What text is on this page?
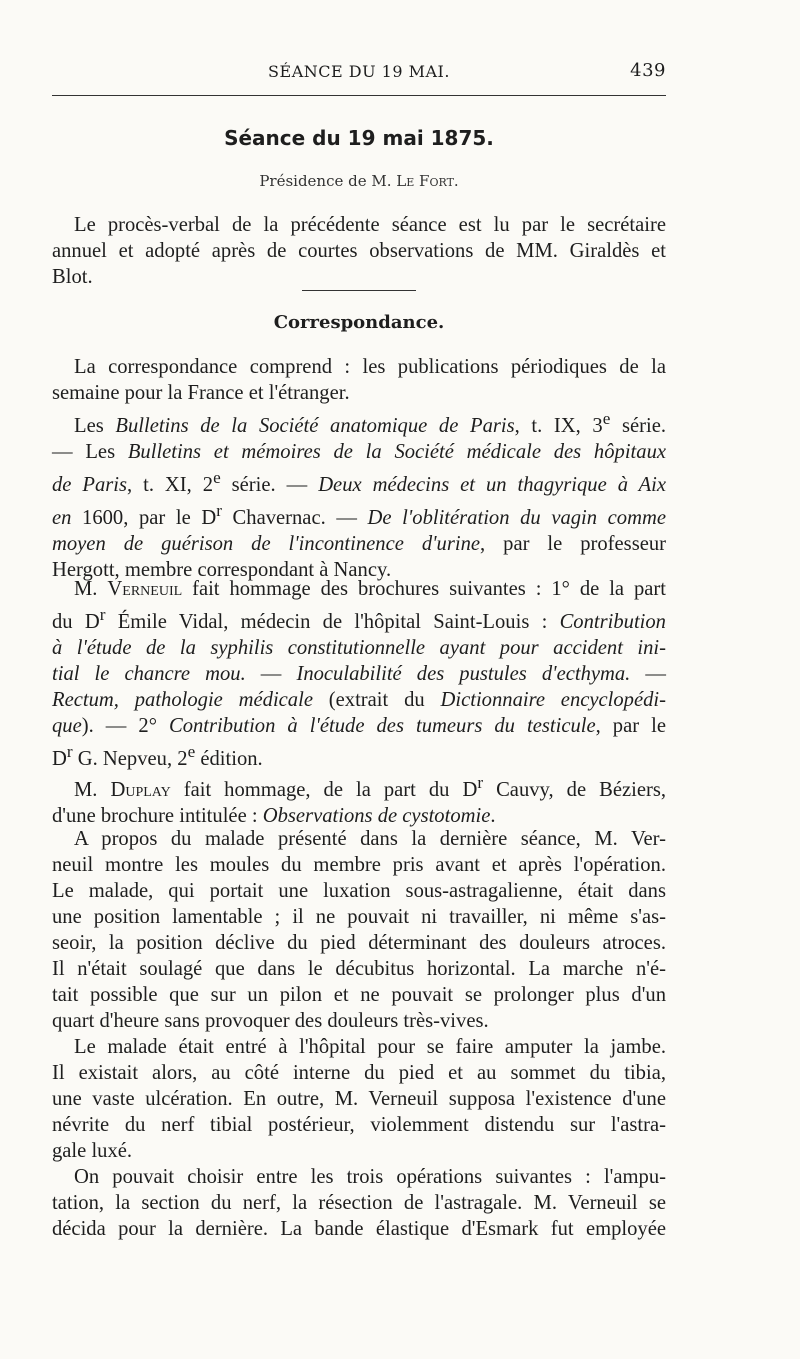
SÉANCE DU 19 MAI.	439
Séance du 19 mai 1875.
Présidence de M. Le Fort.
Le procès-verbal de la précédente séance est lu par le secrétaire
annuel et adopté après de courtes observations de MM. Giraldès et
Blot.
Correspondance.
La correspondance comprend : les publications périodiques de la
semaine pour la France et l'étranger.
Les Bulletins de la Société anatomique de Paris, t. IX, 3e série.
— Les Bulletins et mémoires de la Société médicale des hôpitaux
de Paris, t. XI, 2e série. — Deux médecins et un thagyrique à Aix
en 1600, par le $D^r$ Chavernac. — De l'oblitération du vagin comme
moyen de guérison de l'incontinence d'urine, par le professeur
Hergott, membre correspondant à Nancy.
M. Verneuil fait hommage des brochures suivantes : 1° de la part
du $D^r$ Émile Vidal, médecin de l'hôpital Saint-Louis : Contribution
à l'étude de la syphilis constitutionnelle ayant pour accident ini-
tial le chancre mou. — Inoculabilité des pustules d'ecthyma. —
Rectum, pathologie médicale (extrait du Dictionnaire encyclopédi-
que). — 2° Contribution à l'étude des tumeurs du testicule, par le
$D^r$ G. Nepveu, 2e édition.
M. Duplay fait hommage, de la part du $D^r$ Cauvy, de Béziers,
d'une brochure intitulée : Observations de cystotomie.
A propos du malade présenté dans la dernière séance, M. Ver-
neuil montre les moules du membre pris avant et après l'opération.
Le malade, qui portait une luxation sous-astragalienne, était dans
une position lamentable ; il ne pouvait ni travailler, ni même s'as-
seoir, la position déclive du pied déterminant des douleurs atroces.
Il n'était soulagé que dans le décubitus horizontal. La marche n'é-
tait possible que sur un pilon et ne pouvait se prolonger plus d'un
quart d'heure sans provoquer des douleurs très-vives.
Le malade était entré à l'hôpital pour se faire amputer la jambe.
Il existait alors, au côté interne du pied et au sommet du tibia,
une vaste ulcération. En outre, M. Verneuil supposa l'existence d'une
névrite du nerf tibial postérieur, violemment distendu sur l'astra-
gale luxé.
On pouvait choisir entre les trois opérations suivantes : l'ampu-
tation, la section du nerf, la résection de l'astragale. M. Verneuil se
décida pour la dernière. La bande élastique d'Esmark fut employée
